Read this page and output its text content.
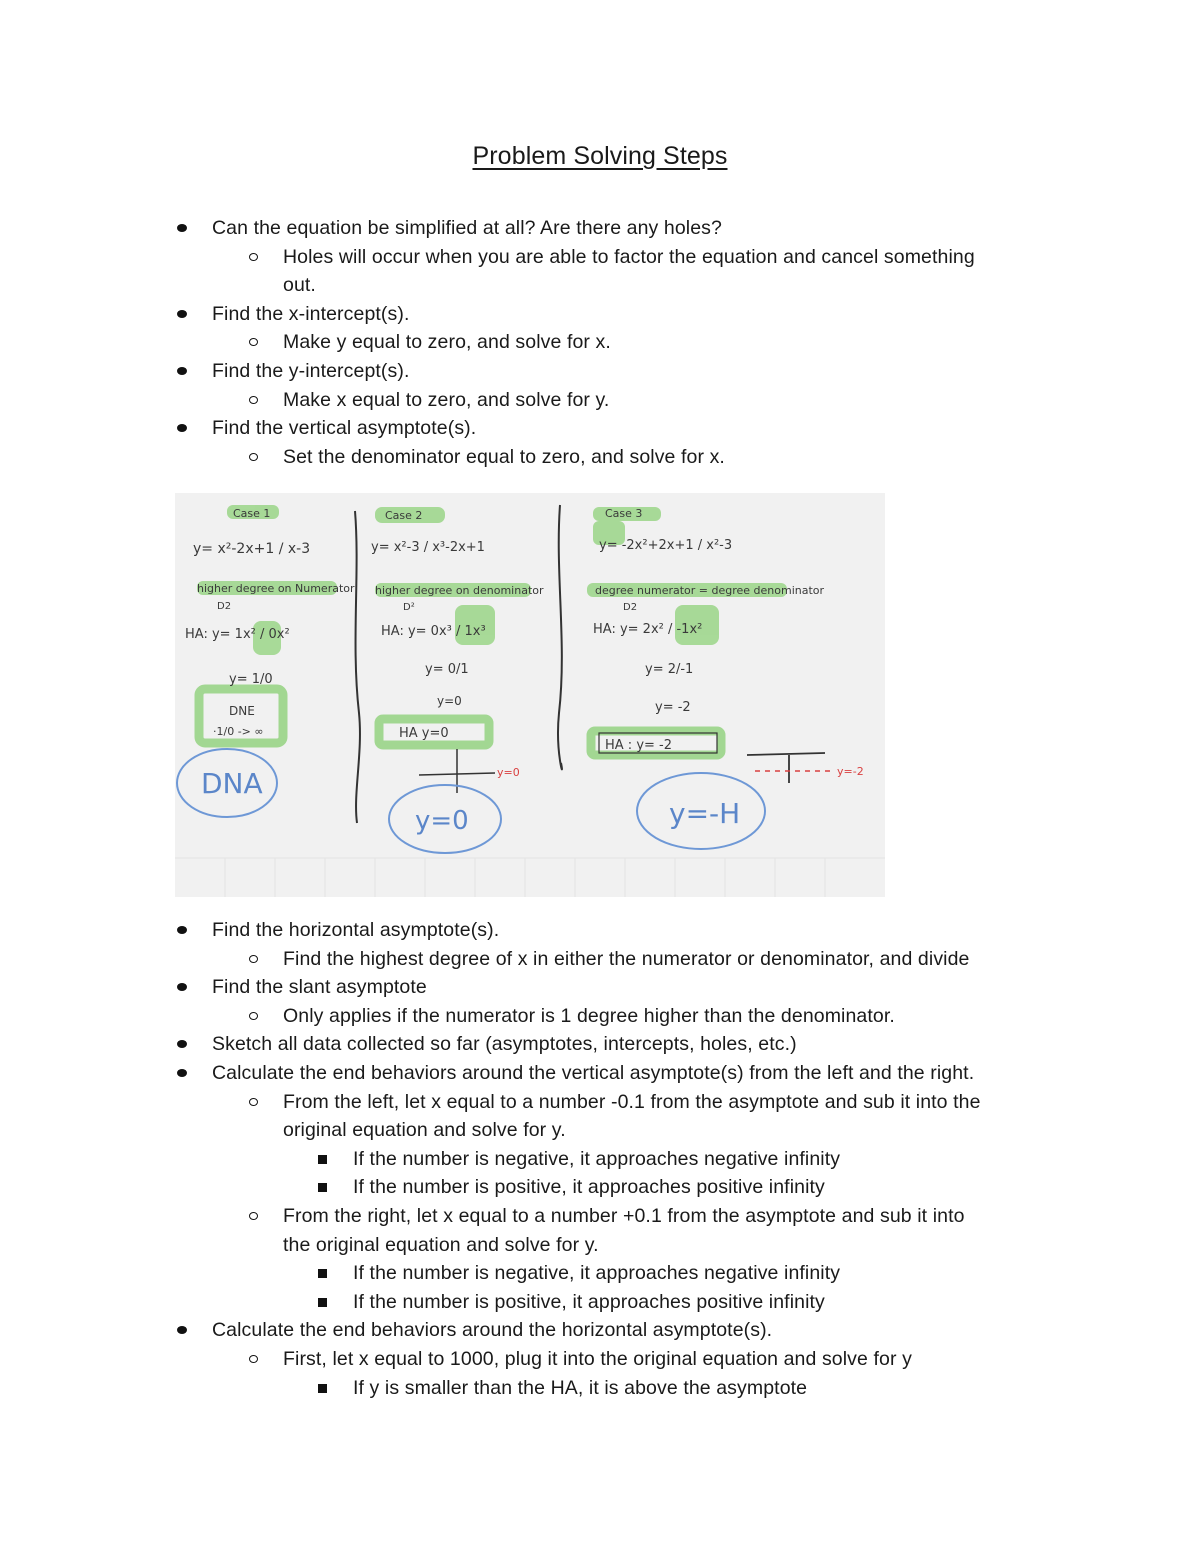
Problem Solving Steps
Can the equation be simplified at all? Are there any holes?
Holes will occur when you are able to factor the equation and cancel something
out.
Find the x-intercept(s).
Make y equal to zero, and solve for x.
Find the y-intercept(s).
Make x equal to zero, and solve for y.
Find the vertical asymptote(s).
Set the denominator equal to zero, and solve for x.
Case 1
y= x²-2x+1 / x-3
higher degree on Numerator
D2
HA: y= 1x² / 0x²
y= 1/0
DNE
·1/0 -> ∞
DNA
Case 2
y= x²-3 / x³-2x+1
higher degree on denominator
D²
HA: y= 0x³ / 1x³
y= 0/1
y=0
HA y=0
y=0
y=0
Case 3
y= -2x²+2x+1 / x²-3
degree numerator = degree denominator
D2
HA: y= 2x² / -1x²
y= 2/-1
y= -2
HA : y= -2
y=-2
y=-H
Find the horizontal asymptote(s).
Find the highest degree of x in either the numerator or denominator, and divide
Find the slant asymptote
Only applies if the numerator is 1 degree higher than the denominator.
Sketch all data collected so far (asymptotes, intercepts, holes, etc.)
Calculate the end behaviors around the vertical asymptote(s) from the left and the right.
From the left, let x equal to a number -0.1 from the asymptote and sub it into the
original equation and solve for y.
If the number is negative, it approaches negative infinity
If the number is positive, it approaches positive infinity
From the right, let x equal to a number +0.1 from the asymptote and sub it into
the original equation and solve for y.
If the number is negative, it approaches negative infinity
If the number is positive, it approaches positive infinity
Calculate the end behaviors around the horizontal asymptote(s).
First, let x equal to 1000, plug it into the original equation and solve for y
If y is smaller than the HA, it is above the asymptote
